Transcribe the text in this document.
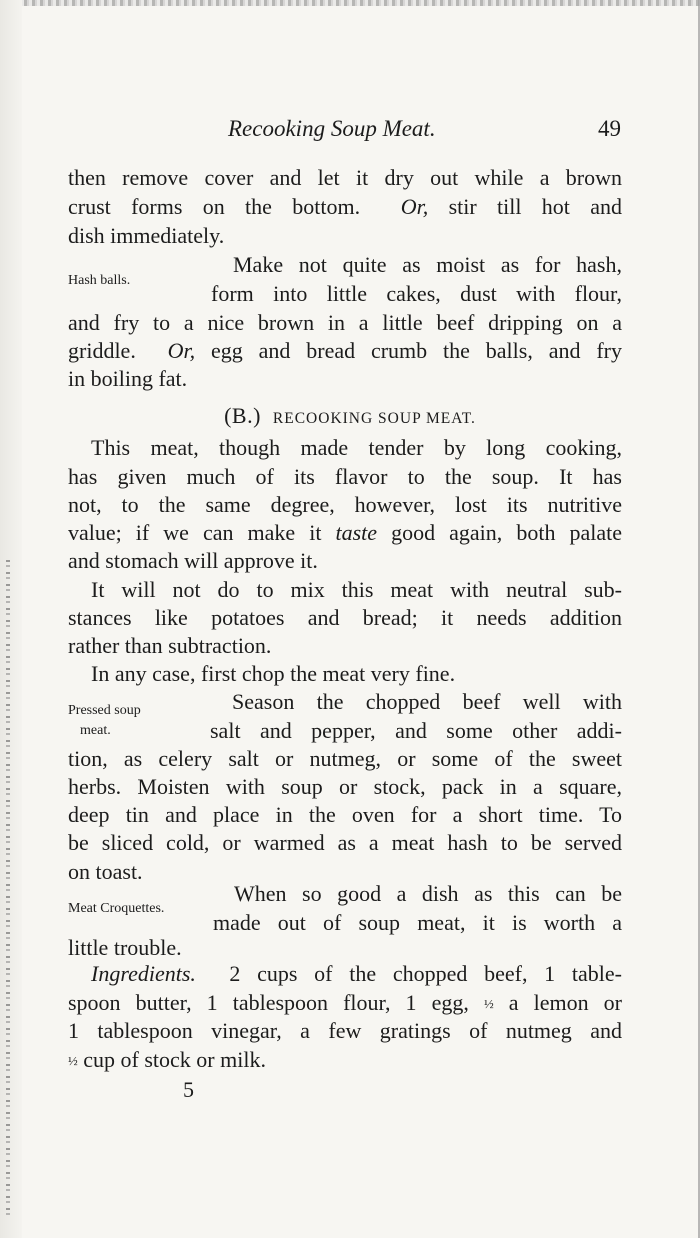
Recooking Soup Meat.	49
then remove cover and let it dry out while a brown
crust forms on the bottom. Or, stir till hot and
dish immediately.
Hash balls.
Make not quite as moist as for hash,
form into little cakes, dust with flour,
and fry to a nice brown in a little beef dripping on a
griddle. Or, egg and bread crumb the balls, and fry
in boiling fat.
(B.) RECOOKING SOUP MEAT.
This meat, though made tender by long cooking,
has given much of its flavor to the soup. It has
not, to the same degree, however, lost its nutritive
value; if we can make it taste good again, both palate
and stomach will approve it.
It will not do to mix this meat with neutral sub-
stances like potatoes and bread; it needs addition
rather than subtraction.
In any case, first chop the meat very fine.
Pressed soup
meat.
Season the chopped beef well with
salt and pepper, and some other addi-
tion, as celery salt or nutmeg, or some of the sweet
herbs. Moisten with soup or stock, pack in a square,
deep tin and place in the oven for a short time. To
be sliced cold, or warmed as a meat hash to be served
on toast.
Meat Croquettes.
When so good a dish as this can be
made out of soup meat, it is worth a
little trouble.
Ingredients. 2 cups of the chopped beef, 1 table-
spoon butter, 1 tablespoon flour, 1 egg, ½ a lemon or
1 tablespoon vinegar, a few gratings of nutmeg and
½ cup of stock or milk.
5
